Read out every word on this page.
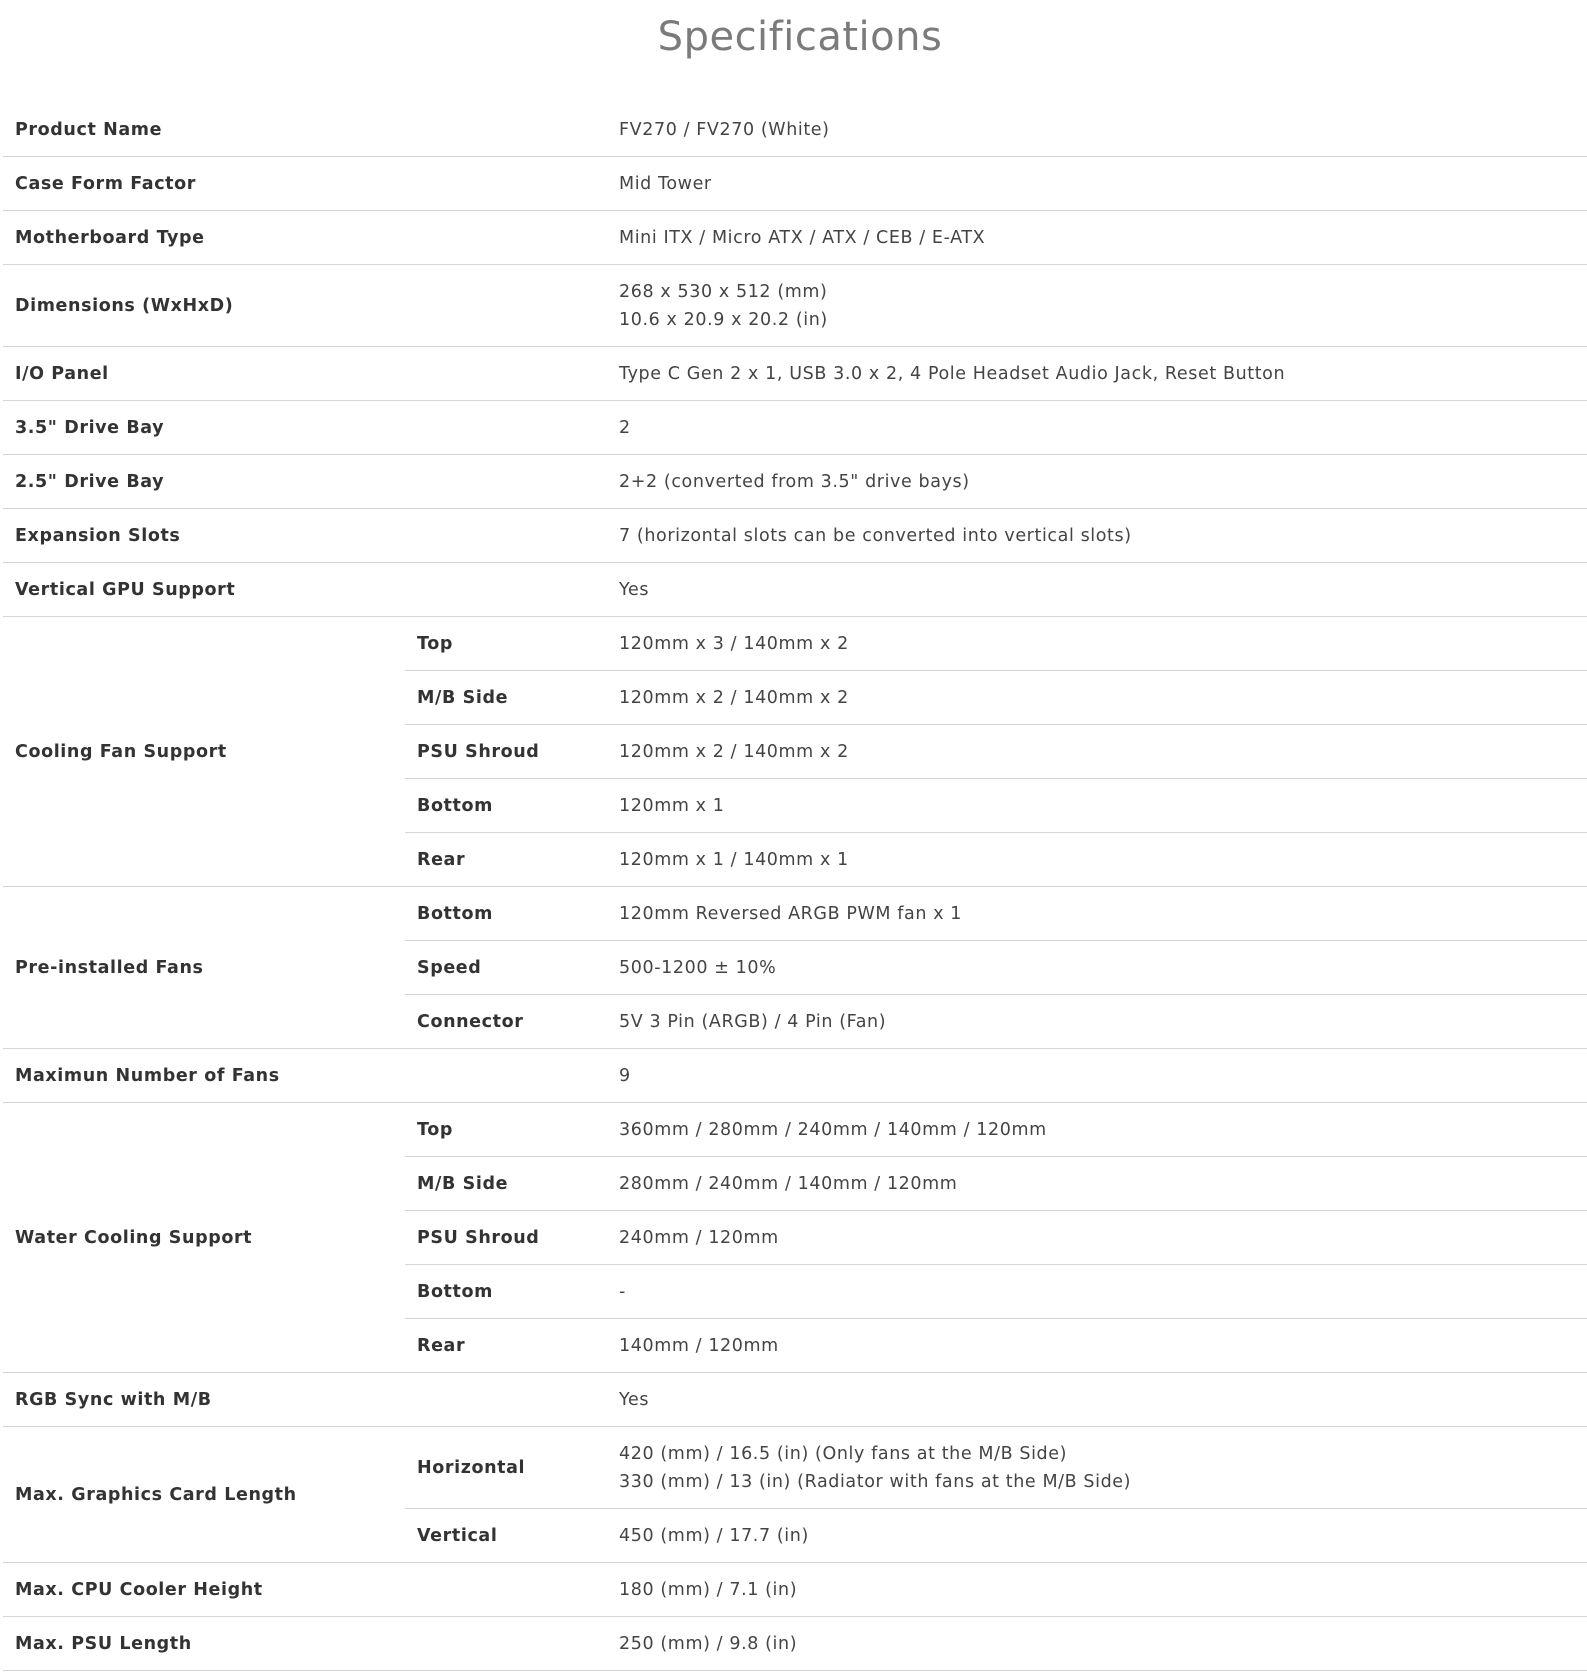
Specifications
Product Name		FV270 / FV270 (White)
Case Form Factor		Mid Tower
Motherboard Type		Mini ITX / Micro ATX / ATX / CEB / E-ATX
Dimensions (WxHxD)		268 x 530 x 512 (mm)
10.6 x 20.9 x 20.2 (in)

I/O Panel		Type C Gen 2 x 1, USB 3.0 x 2, 4 Pole Headset Audio Jack, Reset Button
3.5" Drive Bay		2
2.5" Drive Bay		2+2 (converted from 3.5" drive bays)
Expansion Slots		7 (horizontal slots can be converted into vertical slots)
Vertical GPU Support		Yes
Cooling Fan Support	Top	120mm x 3 / 140mm x 2
	M/B Side	120mm x 2 / 140mm x 2
	PSU Shroud	120mm x 2 / 140mm x 2
	Bottom	120mm x 1
	Rear	120mm x 1 / 140mm x 1
Pre-installed Fans	Bottom	120mm Reversed ARGB PWM fan x 1
	Speed	500-1200 ± 10%
	Connector	5V 3 Pin (ARGB) / 4 Pin (Fan)
Maximun Number of Fans		9
Water Cooling Support	Top	360mm / 280mm / 240mm / 140mm / 120mm
	M/B Side	280mm / 240mm / 140mm / 120mm
	PSU Shroud	240mm / 120mm
	Bottom	-
	Rear	140mm / 120mm
RGB Sync with M/B		Yes
Max. Graphics Card Length	Horizontal	420 (mm) / 16.5 (in) (Only fans at the M/B Side)
330 (mm) / 13 (in) (Radiator with fans at the M/B Side)

	Vertical	450 (mm) / 17.7 (in)
Max. CPU Cooler Height		180 (mm) / 7.1 (in)
Max. PSU Length		250 (mm) / 9.8 (in)
